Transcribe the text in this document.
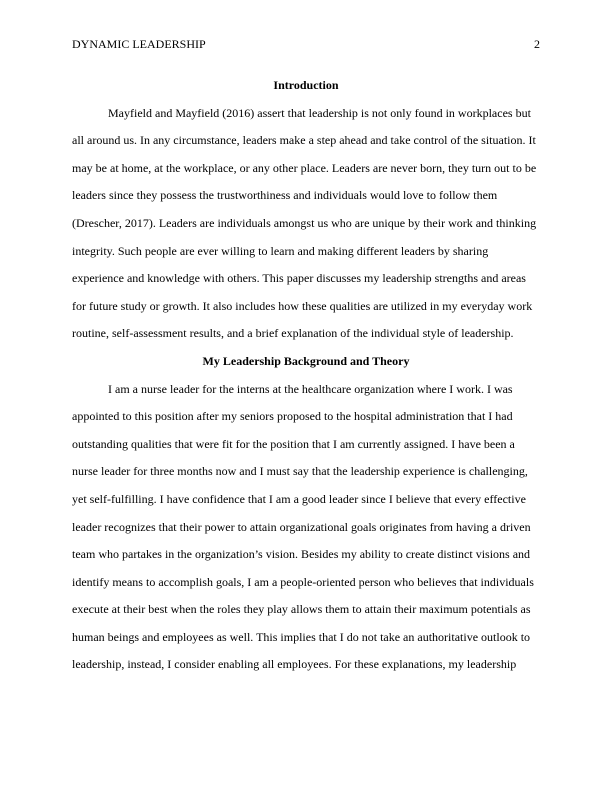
DYNAMIC LEADERSHIP	2
Introduction
Mayfield and Mayfield (2016) assert that leadership is not only found in workplaces but
all around us. In any circumstance, leaders make a step ahead and take control of the situation. It
may be at home, at the workplace, or any other place. Leaders are never born, they turn out to be
leaders since they possess the trustworthiness and individuals would love to follow them
(Drescher, 2017). Leaders are individuals amongst us who are unique by their work and thinking
integrity. Such people are ever willing to learn and making different leaders by sharing
experience and knowledge with others. This paper discusses my leadership strengths and areas
for future study or growth. It also includes how these qualities are utilized in my everyday work
routine, self-assessment results, and a brief explanation of the individual style of leadership.
My Leadership Background and Theory
I am a nurse leader for the interns at the healthcare organization where I work. I was
appointed to this position after my seniors proposed to the hospital administration that I had
outstanding qualities that were fit for the position that I am currently assigned. I have been a
nurse leader for three months now and I must say that the leadership experience is challenging,
yet self-fulfilling. I have confidence that I am a good leader since I believe that every effective
leader recognizes that their power to attain organizational goals originates from having a driven
team who partakes in the organization’s vision. Besides my ability to create distinct visions and
identify means to accomplish goals, I am a people-oriented person who believes that individuals
execute at their best when the roles they play allows them to attain their maximum potentials as
human beings and employees as well. This implies that I do not take an authoritative outlook to
leadership, instead, I consider enabling all employees. For these explanations, my leadership
